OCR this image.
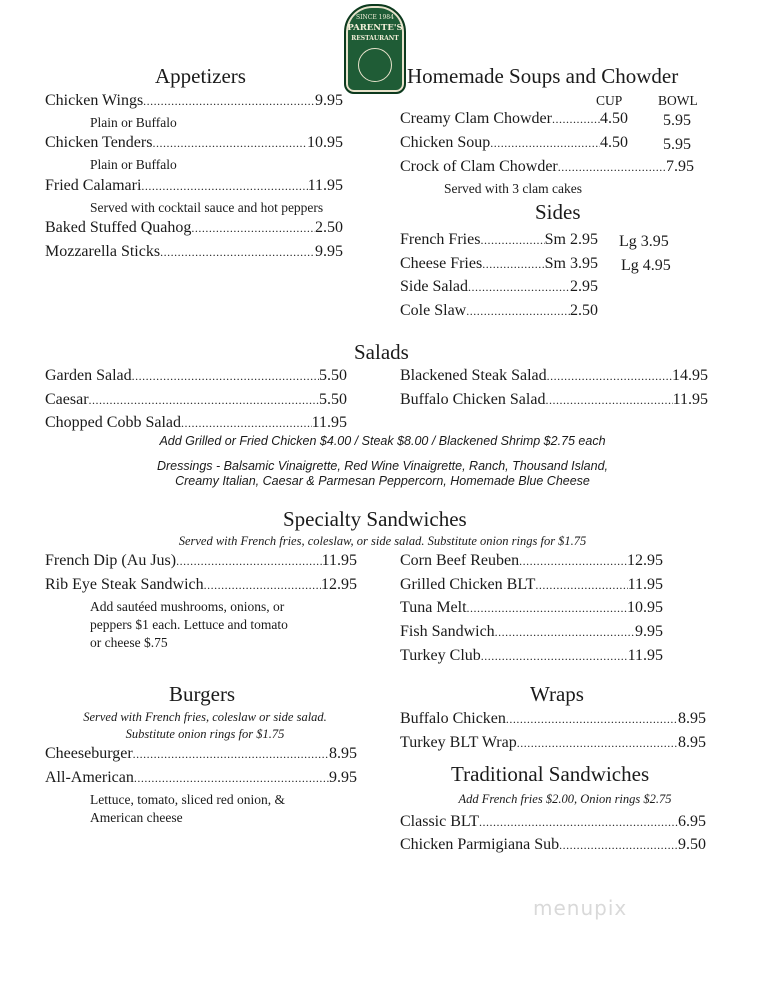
SINCE 1984
PARENTE'S
RESTAURANT
Appetizers
Chicken Wings .....	9.95
Plain or Buffalo
Chicken Tenders .....	10.95
Plain or Buffalo
Fried Calamari .....	11.95
Served with cocktail sauce and hot peppers
Baked Stuffed Quahog .....	2.50
Mozzarella Sticks .....	9.95
Homemade Soups and Chowder
CUP	BOWL
Creamy Clam Chowder .....	4.50 5.95
Chicken Soup .....	4.50 5.95
Crock of Clam Chowder .....	7.95
Served with 3 clam cakes
Sides
French Fries .....	Sm 2.95 Lg 3.95
Cheese Fries .....	Sm 3.95 Lg 4.95
Side Salad .....	2.95
Cole Slaw .....	2.50
Salads
Garden Salad .....	5.50
Caesar .....	5.50
Chopped Cobb Salad .....	11.95
Blackened Steak Salad .....	14.95
Buffalo Chicken Salad .....	11.95
Add Grilled or Fried Chicken $4.00 / Steak $8.00 / Blackened Shrimp $2.75 each
Dressings - Balsamic Vinaigrette, Red Wine Vinaigrette, Ranch, Thousand Island,
Creamy Italian, Caesar & Parmesan Peppercorn, Homemade Blue Cheese
Specialty Sandwiches
Served with French fries, coleslaw, or side salad. Substitute onion rings for $1.75
French Dip (Au Jus) .....	11.95
Rib Eye Steak Sandwich .....	12.95
Add sautéed mushrooms, onions, or
peppers $1 each. Lettuce and tomato
or cheese $.75
Corn Beef Reuben .....	12.95
Grilled Chicken BLT .....	11.95
Tuna Melt .....	10.95
Fish Sandwich .....	9.95
Turkey Club .....	11.95
Burgers
Served with French fries, coleslaw or side salad.
Substitute onion rings for $1.75
Cheeseburger .....	8.95
All-American .....	9.95
Lettuce, tomato, sliced red onion, &
American cheese
Wraps
Buffalo Chicken .....	8.95
Turkey BLT Wrap .....	8.95
Traditional Sandwiches
Add French fries $2.00, Onion rings $2.75
Classic BLT .....	6.95
Chicken Parmigiana Sub .....	9.50
menupix
